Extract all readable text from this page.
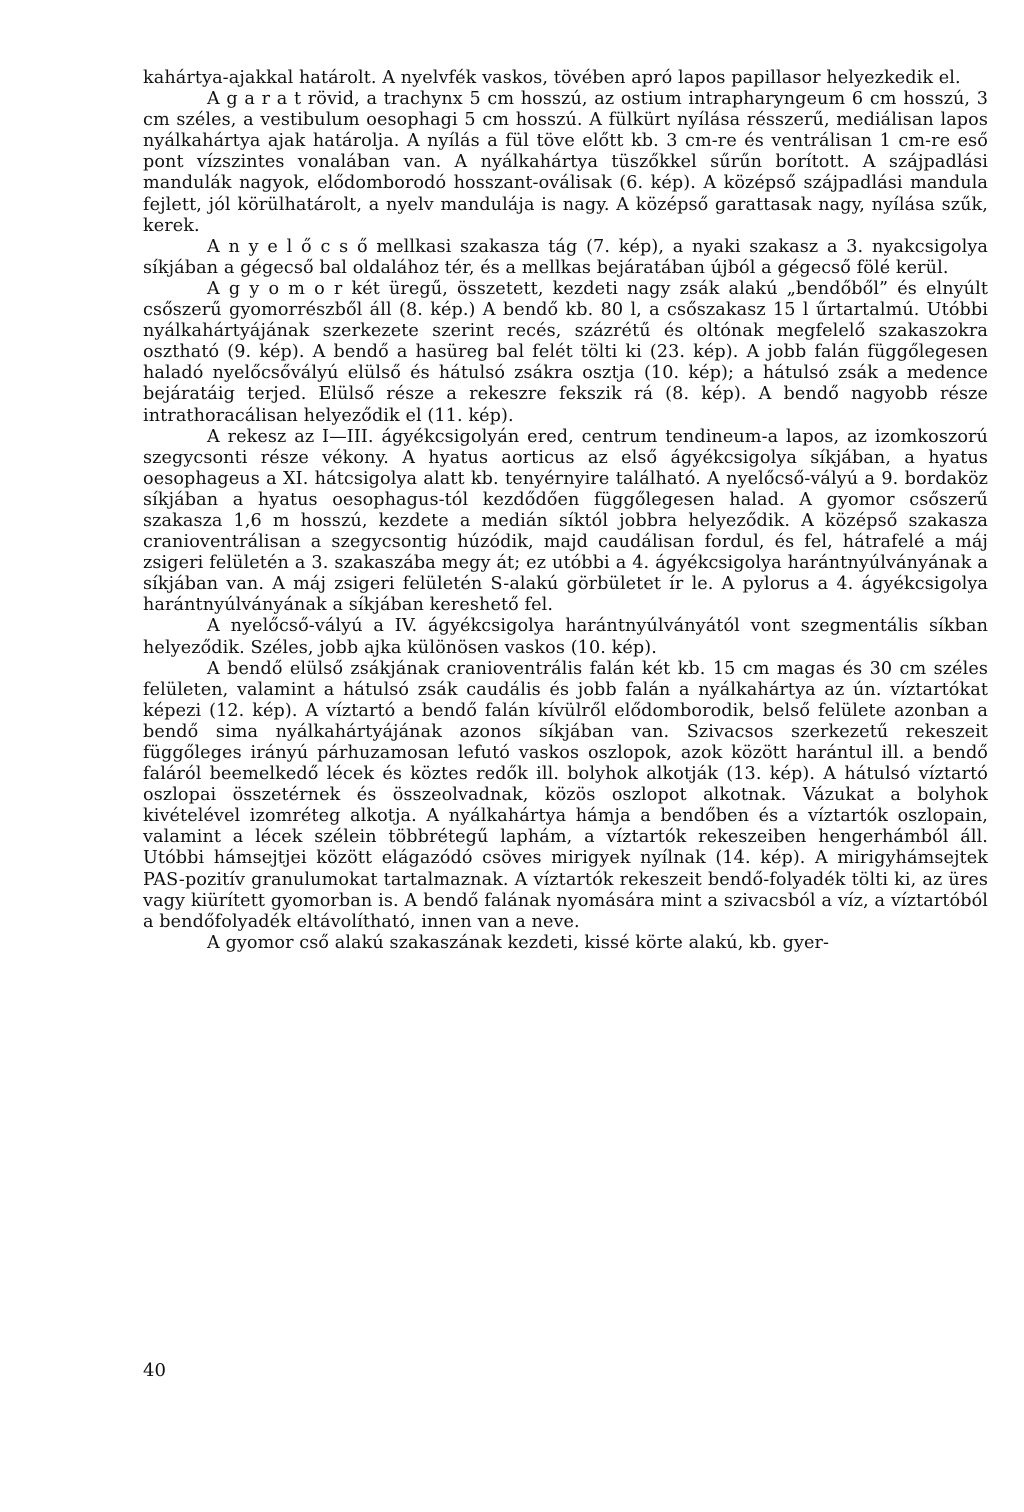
kahártya-ajakkal határolt. A nyelvfék vaskos, tövében apró lapos papillasor helyezkedik el.

A g a r a t rövid, a trachynx 5 cm hosszú, az ostium intrapharyngeum 6 cm hosszú, 3 cm széles, a vestibulum oesophagi 5 cm hosszú. A fülkürt nyílása résszerű, mediálisan lapos nyálkahártya ajak határolja. A nyílás a fül töve előtt kb. 3 cm-re és ventrálisan 1 cm-re eső pont vízszintes vonalában van. A nyálkahártya tüszőkkel sűrűn borított. A szájpadlási mandulák nagyok, elődomborodó hosszant-oválisak (6. kép). A középső szájpadlási mandula fejlett, jól körülhatárolt, a nyelv mandulája is nagy. A középső garattasak nagy, nyílása szűk, kerek.

A n y e l ő c s ő mellkasi szakasza tág (7. kép), a nyaki szakasz a 3. nyakcsigolya síkjában a gégecső bal oldalához tér, és a mellkas bejáratában újból a gégecső fölé kerül.

A g y o m o r két üregű, összetett, kezdeti nagy zsák alakú „bendőből” és elnyúlt csőszerű gyomorrészből áll (8. kép.) A bendő kb. 80 l, a csőszakasz 15 l űrtartalmú. Utóbbi nyálkahártyájának szerkezete szerint recés, százrétű és oltónak megfelelő szakaszokra osztható (9. kép). A bendő a hasüreg bal felét tölti ki (23. kép). A jobb falán függőlegesen haladó nyelőcsővályú elülső és hátulsó zsákra osztja (10. kép); a hátulsó zsák a medence bejáratáig terjed. Elülső része a rekeszre fekszik rá (8. kép). A bendő nagyobb része intrathoracálisan helyeződik el (11. kép).

A rekesz az I—III. ágyékcsigolyán ered, centrum tendineum-a lapos, az izomkoszorú szegycsonti része vékony. A hyatus aorticus az első ágyékcsigolya síkjában, a hyatus oesophageus a XI. hátcsigolya alatt kb. tenyérnyire található. A nyelőcső-vályú a 9. bordaköz síkjában a hyatus oesophagus-tól kezdődően függőlegesen halad. A gyomor csőszerű szakasza 1,6 m hosszú, kezdete a medián síktól jobbra helyeződik. A középső szakasza cranioventrálisan a szegycsontig húzódik, majd caudálisan fordul, és fel, hátrafelé a máj zsigeri felületén a 3. szakaszába megy át; ez utóbbi a 4. ágyékcsigolya harántnyúlványának a síkjában van. A máj zsigeri felületén S-alakú görbületet ír le. A pylorus a 4. ágyékcsigolya harántnyúlványának a síkjában kereshető fel.

A nyelőcső-vályú a IV. ágyékcsigolya harántnyúlványától vont szegmentális síkban helyeződik. Széles, jobb ajka különösen vaskos (10. kép).

A bendő elülső zsákjának cranioventrális falán két kb. 15 cm magas és 30 cm széles felületen, valamint a hátulsó zsák caudális és jobb falán a nyálkahártya az ún. víztartókat képezi (12. kép). A víztartó a bendő falán kívülről elődomborodik, belső felülete azonban a bendő sima nyálkahártyájának azonos síkjában van. Szivacsos szerkezetű rekeszeit függőleges irányú párhuzamosan lefutó vaskos oszlopok, azok között harántul ill. a bendő faláról beemelkedő lécek és köztes redők ill. bolyhok alkotják (13. kép). A hátulsó víztartó oszlopai összetérnek és összeolvadnak, közös oszlopot alkotnak. Vázukat a bolyhok kivételével izomréteg alkotja. A nyálkahártya hámja a bendőben és a víztartók oszlopain, valamint a lécek szélein többrétegű laphám, a víztartók rekeszeiben hengerhámból áll. Utóbbi hámsejtjei között elágazódó csöves mirigyek nyílnak (14. kép). A mirigyhámsejtek PAS-pozitív granulumokat tartalmaznak. A víztartók rekeszeit bendő-folyadék tölti ki, az üres vagy kiürített gyomorban is. A bendő falának nyomására mint a szivacsból a víz, a víztartóból a bendőfolyadék eltávolítható, innen van a neve.

A gyomor cső alakú szakaszának kezdeti, kissé körte alakú, kb. gyer-

40
